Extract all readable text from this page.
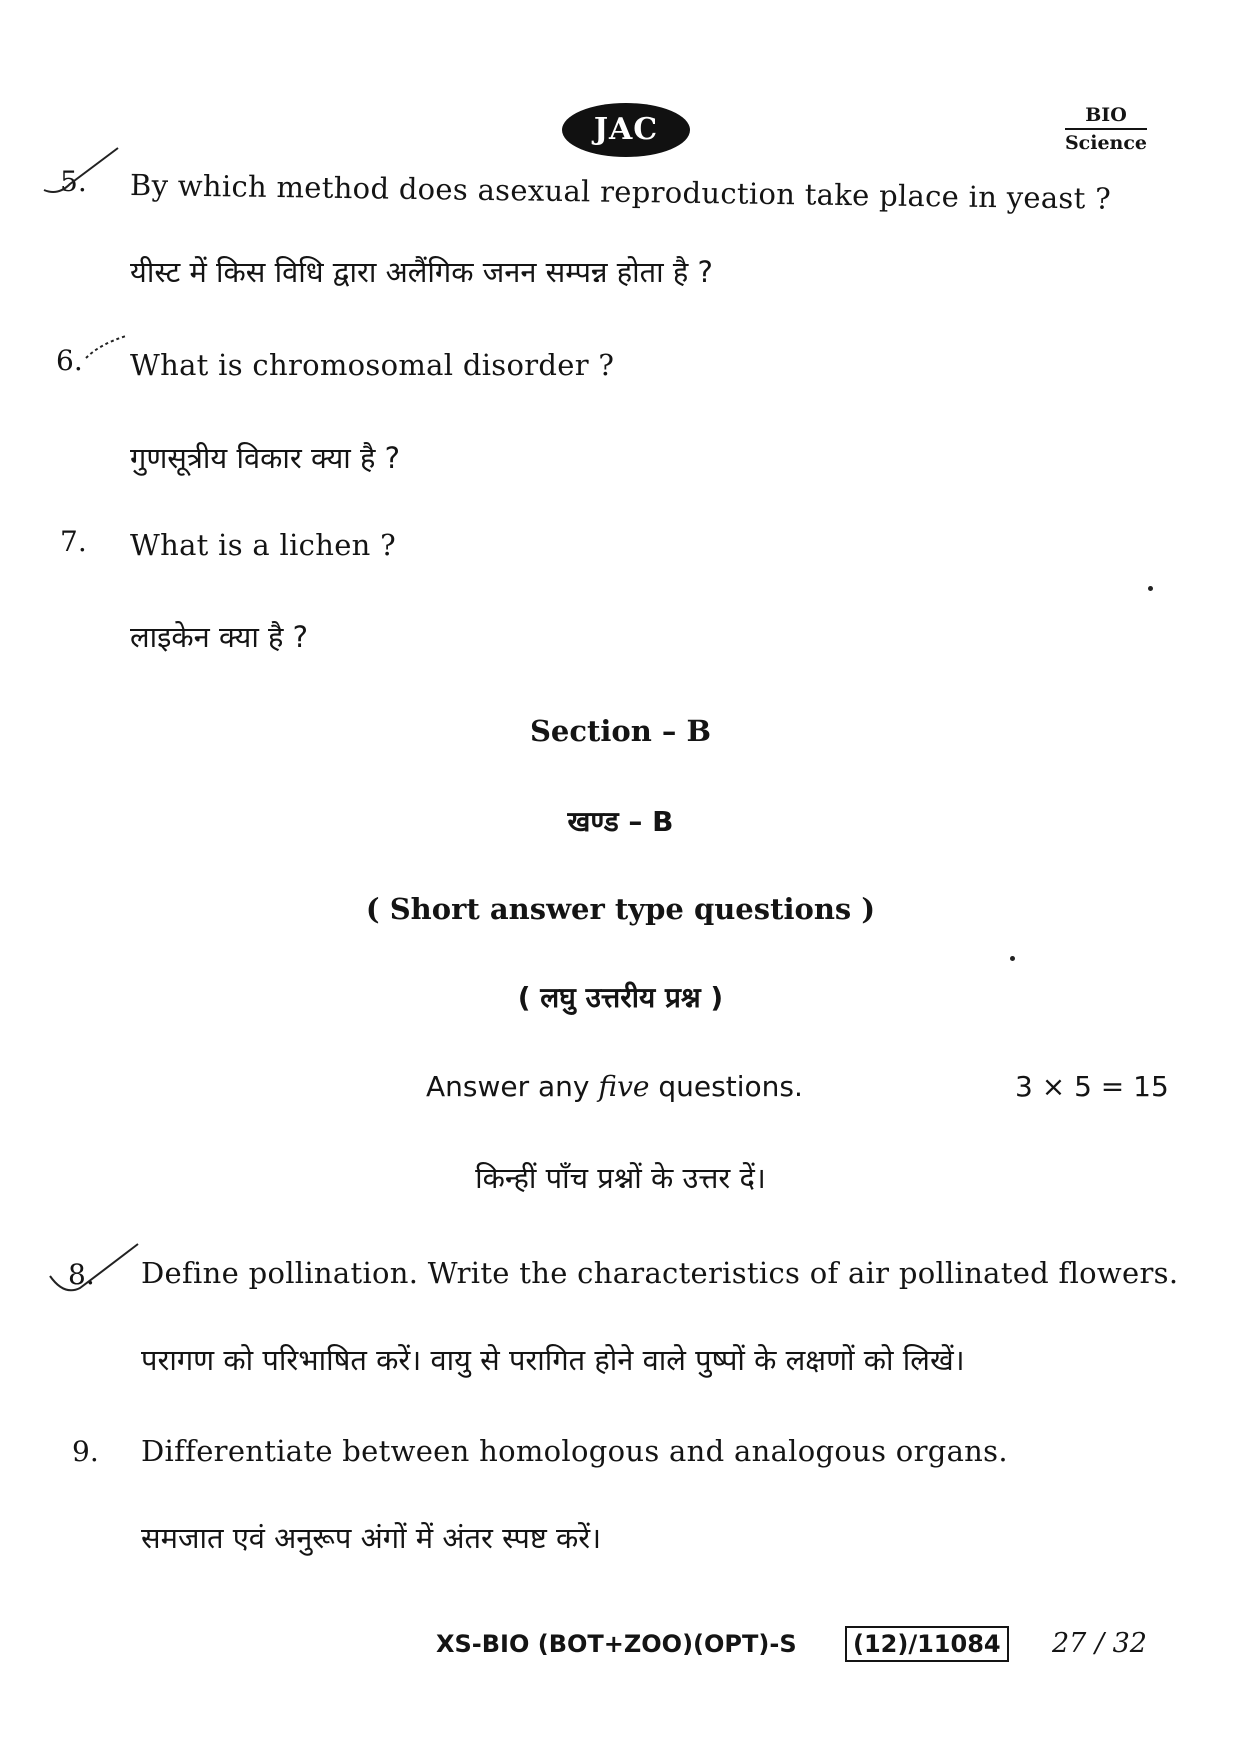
JAC	BIO
Science
5. By which method does asexual reproduction take place in yeast ?
यीस्ट में किस विधि द्वारा अलैंगिक जनन सम्पन्न होता है ?
6. What is chromosomal disorder ?
गुणसूत्रीय विकार क्या है ?
7. What is a lichen ?
लाइकेन क्या है ?
Section – B
खण्ड – B
( Short answer type questions )
( लघु उत्तरीय प्रश्न )
Answer any five questions.	3 × 5 = 15
किन्हीं पाँच प्रश्नों के उत्तर दें।
8. Define pollination. Write the characteristics of air pollinated flowers.
परागण को परिभाषित करें। वायु से परागित होने वाले पुष्पों के लक्षणों को लिखें।
9. Differentiate between homologous and analogous organs.
समजात एवं अनुरूप अंगों में अंतर स्पष्ट करें।
XS-BIO (BOT+ZOO)(OPT)-S	(12)/11084 27 / 32
